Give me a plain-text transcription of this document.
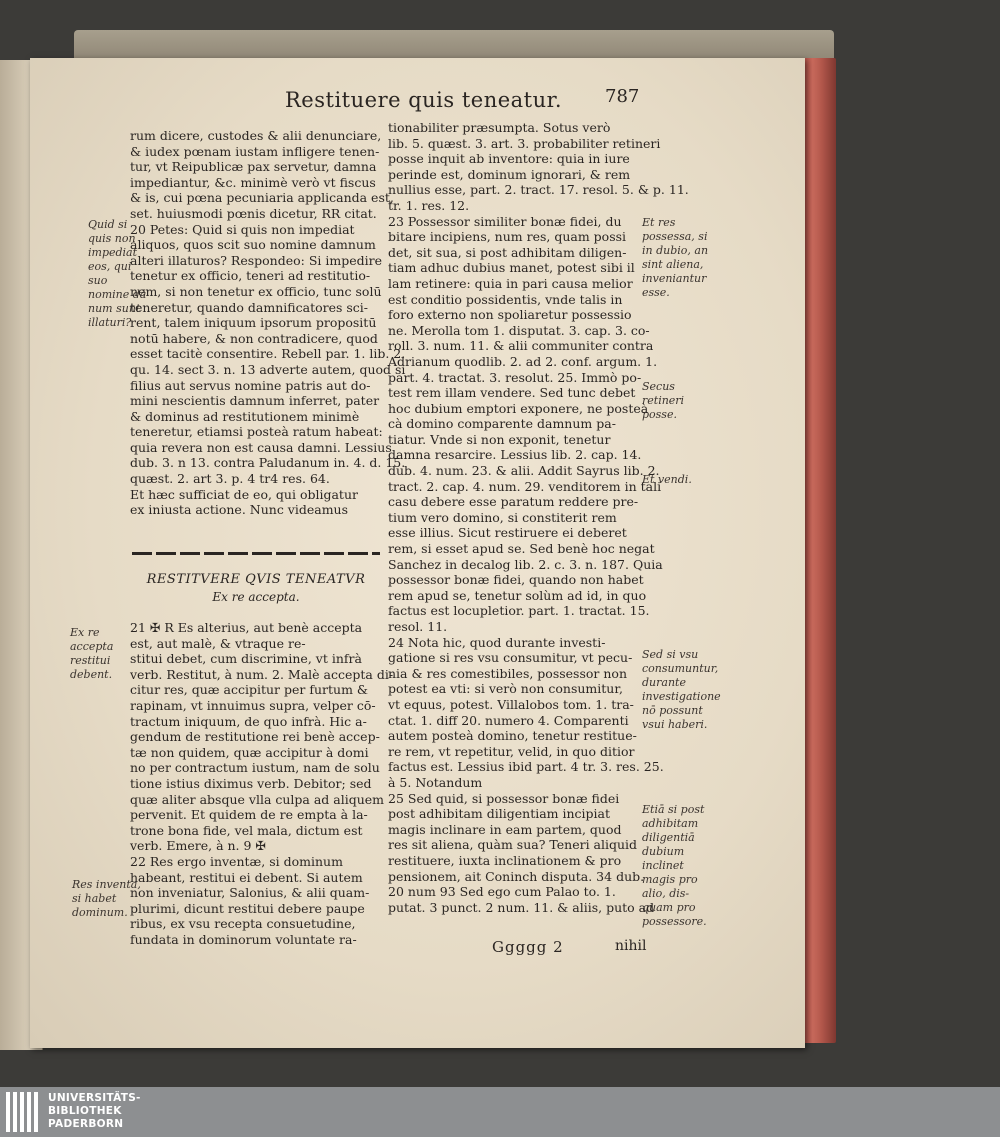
Restituere quis teneatur. 787
Quid si quis non impediat eos, qui suo nomine dā num sunt illaturi?
Ex re accepta restitui debent.
Res inventa, si habet dominum.
Et res possessa, si in dubio, an sint aliena, inveniantur esse.
Secus retineri posse.
Et vendi.
Sed si vsu consumuntur, durante investigatione nō possunt vsui haberi.
Etiā si post adhibitam diligentiā dubium inclinet magis pro alio, dis- quam pro possessore.
rum dicere, custodes & alii denunciare,
& iudex pœnam iustam infligere tenen-
tur, vt Reipublicæ pax servetur, damna
impediantur, &c. minimè verò vt fiscus
& is, cui pœna pecuniaria applicanda est,
set. huiusmodi pœnis dicetur, RR citat.
20 Petes: Quid si quis non impediat
aliquos, quos scit suo nomine damnum
alteri illaturos? Respondeo: Si impedire
tenetur ex officio, teneri ad restitutio-
nem, si non tenetur ex officio, tunc solū
teneretur, quando damnificatores sci-
rent, talem iniquum ipsorum propositū
notū habere, & non contradicere, quod
esset tacitè consentire. Rebell par. 1. lib. 2.
qu. 14. sect 3. n. 13 adverte autem, quod si
filius aut servus nomine patris aut do-
mini nescientis damnum inferret, pater
& dominus ad restitutionem minimè
teneretur, etiamsi posteà ratum habeat:
quia revera non est causa damni. Lessius
dub. 3. n 13. contra Paludanum in. 4. d. 15.
quæst. 2. art 3. p. 4 tr4 res. 64.
Et hæc sufficiat de eo, qui obligatur
ex iniusta actione. Nunc videamus
RESTITVERE QVIS TENEATVR
Ex re accepta.
21 ✠ R Es alterius, aut benè accepta
est, aut malè, & vtraque re-
stitui debet, cum discrimine, vt infrà
verb. Restitut, à num. 2. Malè accepta di-
citur res, quæ accipitur per furtum &
rapinam, vt innuimus supra, velper cō-
tractum iniquum, de quo infrà. Hic a-
gendum de restitutione rei benè accep-
tæ non quidem, quæ accipitur à domi
no per contractum iustum, nam de solu
tione istius diximus verb. Debitor; sed
quæ aliter absque vlla culpa ad aliquem
pervenit. Et quidem de re empta à la-
trone bona fide, vel mala, dictum est
verb. Emere, à n. 9 ✠
22 Res ergo inventæ, si dominum
habeant, restitui ei debent. Si autem
non inveniatur, Salonius, & alii quam-
plurimi, dicunt restitui debere paupe
ribus, ex vsu recepta consuetudine,
fundata in dominorum voluntate ra-
tionabiliter præsumpta. Sotus verò
lib. 5. quæst. 3. art. 3. probabiliter retineri
posse inquit ab inventore: quia in iure
perinde est, dominum ignorari, & rem
nullius esse, part. 2. tract. 17. resol. 5. & p. 11.
tr. 1. res. 12.
23 Possessor similiter bonæ fidei, du
bitare incipiens, num res, quam possi
det, sit sua, si post adhibitam diligen-
tiam adhuc dubius manet, potest sibi il
lam retinere: quia in pari causa melior
est conditio possidentis, vnde talis in
foro externo non spoliaretur possessio
ne. Merolla tom 1. disputat. 3. cap. 3. co-
roll. 3. num. 11. & alii communiter contra
Adrianum quodlib. 2. ad 2. conf. argum. 1.
part. 4. tractat. 3. resolut. 25. Immò po-
test rem illam vendere. Sed tunc debet
hoc dubium emptori exponere, ne posteà
cà domino comparente damnum pa-
tiatur. Vnde si non exponit, tenetur
damna resarcire. Lessius lib. 2. cap. 14.
dub. 4. num. 23. & alii. Addit Sayrus lib. 2.
tract. 2. cap. 4. num. 29. venditorem in tali
casu debere esse paratum reddere pre-
tium vero domino, si constiterit rem
esse illius. Sicut restiruere ei deberet
rem, si esset apud se. Sed benè hoc negat
Sanchez in decalog lib. 2. c. 3. n. 187. Quia
possessor bonæ fidei, quando non habet
rem apud se, tenetur solùm ad id, in quo
factus est locupletior. part. 1. tractat. 15.
resol. 11.
24 Nota hic, quod durante investi-
gatione si res vsu consumitur, vt pecu-
nia & res comestibiles, possessor non
potest ea vti: si verò non consumitur,
vt equus, potest. Villalobos tom. 1. tra-
ctat. 1. diff 20. numero 4. Comparenti
autem posteà domino, tenetur restitue-
re rem, vt repetitur, velid, in quo ditior
factus est. Lessius ibid part. 4 tr. 3. res. 25.
à 5. Notandum
25 Sed quid, si possessor bonæ fidei
post adhibitam diligentiam incipiat
magis inclinare in eam partem, quod
res sit aliena, quàm sua? Teneri aliquid
restituere, iuxta inclinationem & pro
pensionem, ait Coninch disputa. 34 dub.
20 num 93 Sed ego cum Palao to. 1.
putat. 3 punct. 2 num. 11. & aliis, puto ad
Ggggg 2	nihil
UNIVERSITÄTS-
BIBLIOTHEK
PADERBORN
